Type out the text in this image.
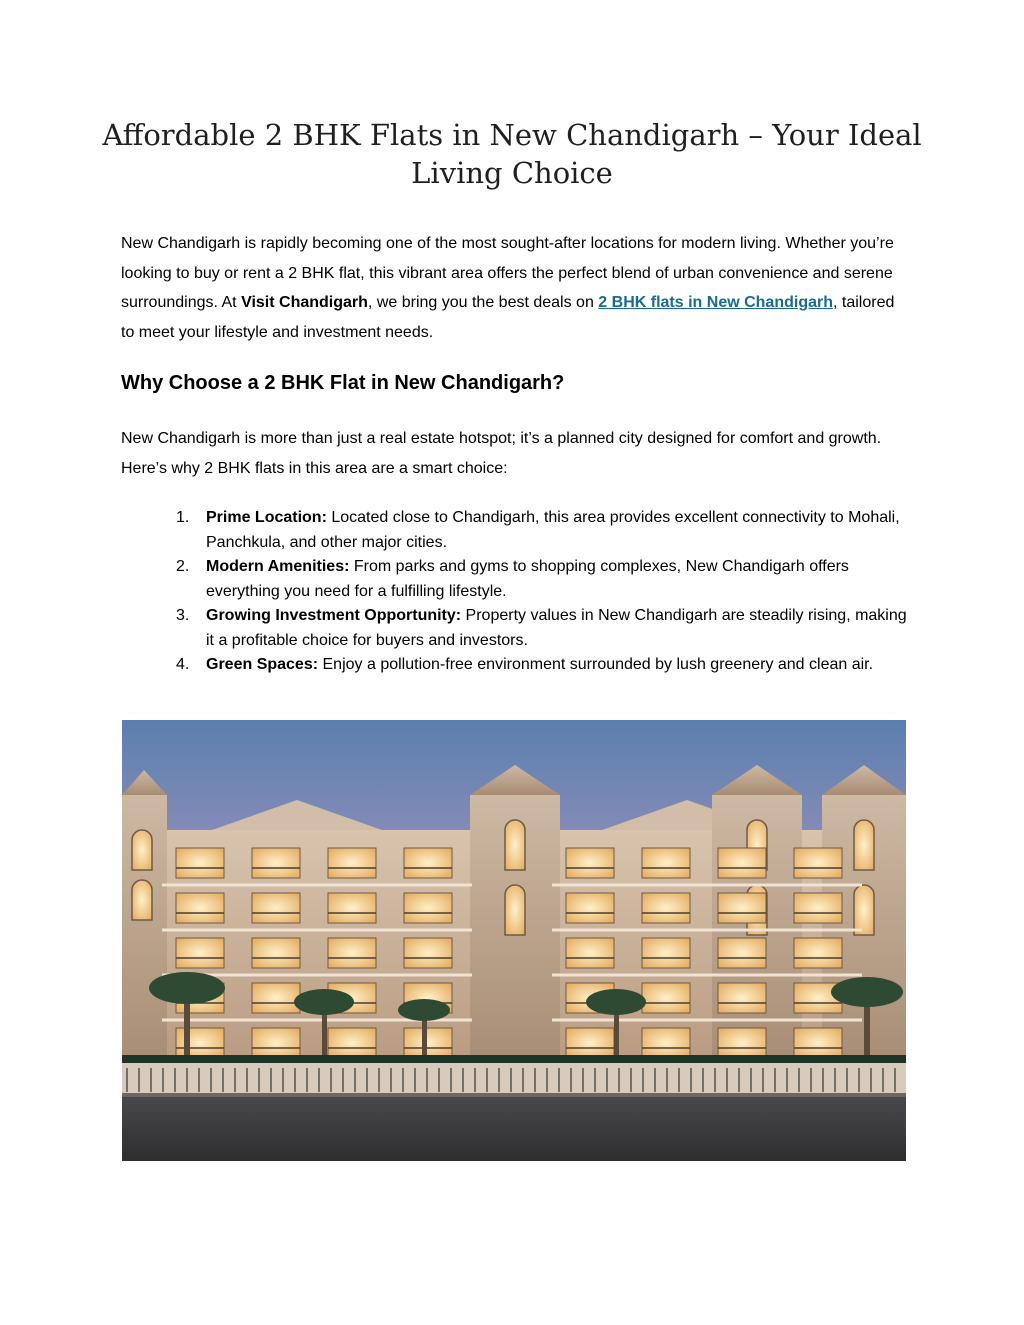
Affordable 2 BHK Flats in New Chandigarh – Your Ideal Living Choice

New Chandigarh is rapidly becoming one of the most sought-after locations for modern living. Whether you’re looking to buy or rent a 2 BHK flat, this vibrant area offers the perfect blend of urban convenience and serene surroundings. At Visit Chandigarh, we bring you the best deals on 2 BHK flats in New Chandigarh, tailored to meet your lifestyle and investment needs.

Why Choose a 2 BHK Flat in New Chandigarh?

New Chandigarh is more than just a real estate hotspot; it’s a planned city designed for comfort and growth. Here’s why 2 BHK flats in this area are a smart choice:

1. Prime Location: Located close to Chandigarh, this area provides excellent connectivity to Mohali, Panchkula, and other major cities.
2. Modern Amenities: From parks and gyms to shopping complexes, New Chandigarh offers everything you need for a fulfilling lifestyle.
3. Growing Investment Opportunity: Property values in New Chandigarh are steadily rising, making it a profitable choice for buyers and investors.
4. Green Spaces: Enjoy a pollution-free environment surrounded by lush greenery and clean air.
